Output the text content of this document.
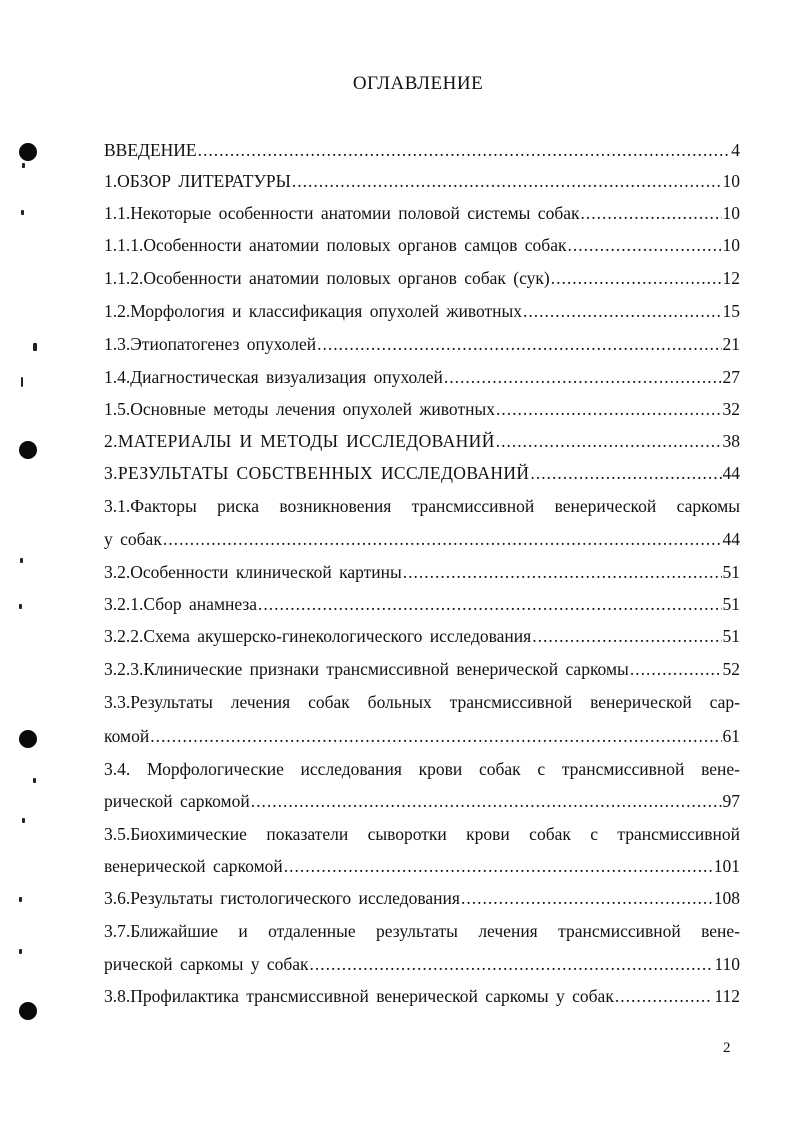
ОГЛАВЛЕНИЕ
ВВЕДЕНИЕ .....	4
1.ОБЗОР ЛИТЕРАТУРЫ .....	10
1.1.Некоторые особенности анатомии половой системы собак .....	10
1.1.1.Особенности анатомии половых органов самцов собак .....	10
1.1.2.Особенности анатомии половых органов собак (сук) .....	12
1.2.Морфология и классификация опухолей животных .....	15
1.3.Этиопатогенез опухолей .....	21
1.4.Диагностическая визуализация опухолей .....	27
1.5.Основные методы лечения опухолей животных .....	32
2.МАТЕРИАЛЫ И МЕТОДЫ ИССЛЕДОВАНИЙ .....	38
3.РЕЗУЛЬТАТЫ СОБСТВЕННЫХ ИССЛЕДОВАНИЙ .....	44
3.1.Факторы риска возникновения трансмиссивной венерической саркомы
у собак .....	44
3.2.Особенности клинической картины .....	51
3.2.1.Сбор анамнеза .....	51
3.2.2.Схема акушерско-гинекологического исследования .....	51
3.2.3.Клинические признаки трансмиссивной венерической саркомы .....	52
3.3.Результаты лечения собак больных трансмиссивной венерической сар-
комой .....	61
3.4. Морфологические исследования крови собак с трансмиссивной вене-
рической саркомой .....	97
3.5.Биохимические показатели сыворотки крови собак с трансмиссивной
венерической саркомой .....	101
3.6.Результаты гистологического исследования .....	108
3.7.Ближайшие и отдаленные результаты лечения трансмиссивной вене-
рической саркомы у собак .....	110
3.8.Профилактика трансмиссивной венерической саркомы у собак .....	112
2
